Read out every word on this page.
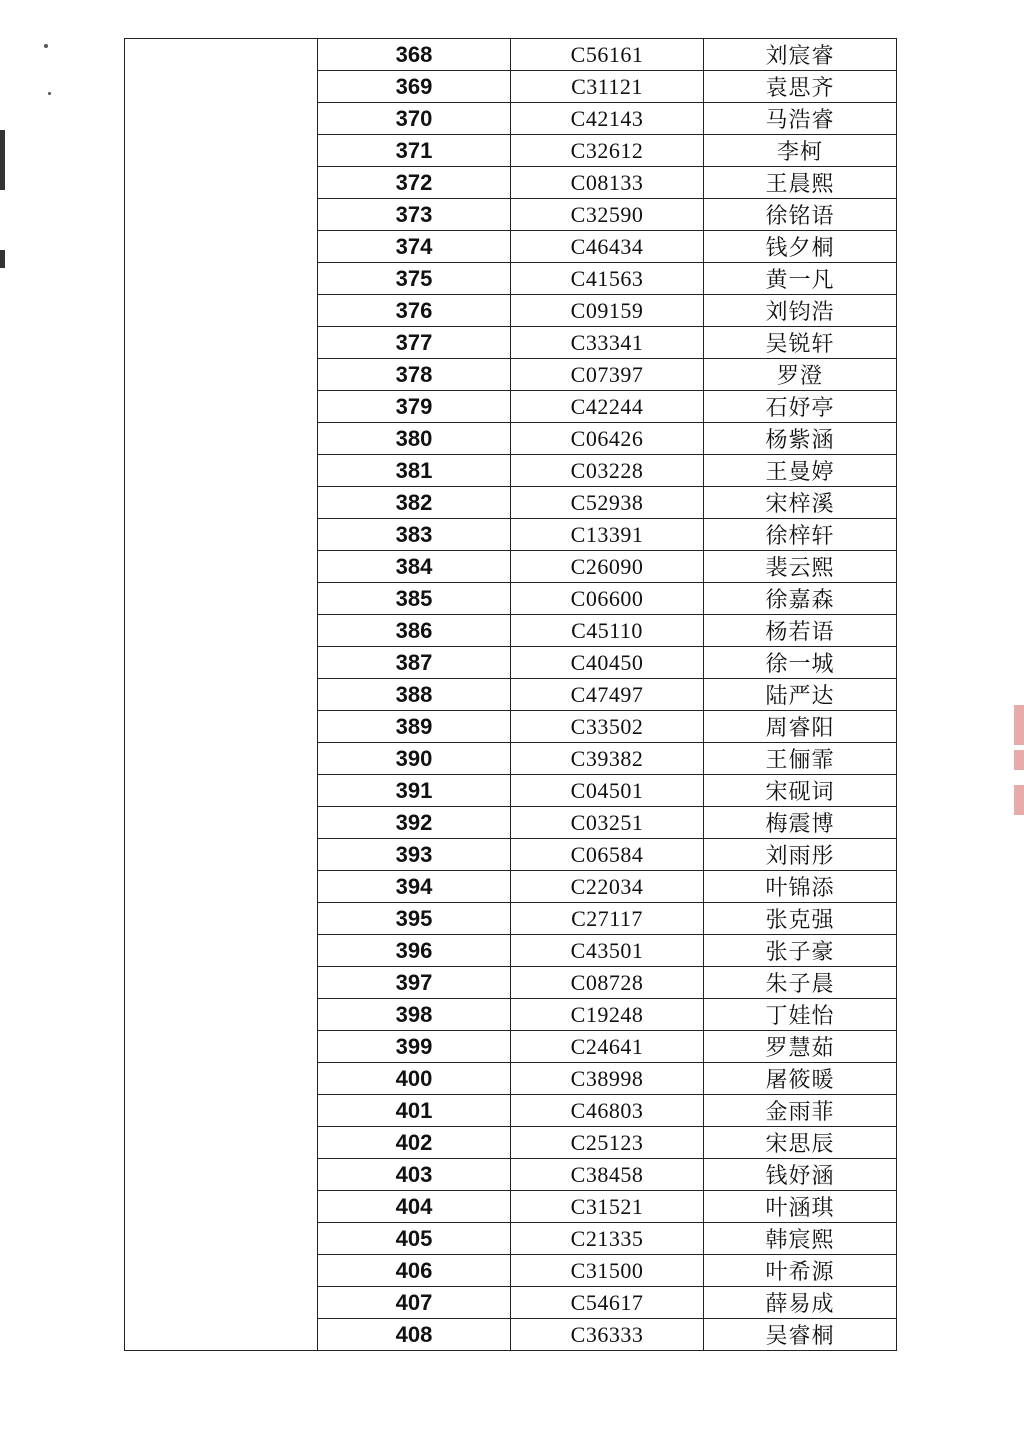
	368	C56161	刘宸睿
	369	C31121	袁思齐
	370	C42143	马浩睿
	371	C32612	李柯
	372	C08133	王晨熙
	373	C32590	徐铭语
	374	C46434	钱夕桐
	375	C41563	黄一凡
	376	C09159	刘钧浩
	377	C33341	吴锐轩
	378	C07397	罗澄
	379	C42244	石妤亭
	380	C06426	杨紫涵
	381	C03228	王曼婷
	382	C52938	宋梓溪
	383	C13391	徐梓轩
	384	C26090	裴云熙
	385	C06600	徐嘉森
	386	C45110	杨若语
	387	C40450	徐一城
	388	C47497	陆严达
	389	C33502	周睿阳
	390	C39382	王俪霏
	391	C04501	宋砚词
	392	C03251	梅震博
	393	C06584	刘雨彤
	394	C22034	叶锦添
	395	C27117	张克强
	396	C43501	张子豪
	397	C08728	朱子晨
	398	C19248	丁娃怡
	399	C24641	罗慧茹
	400	C38998	屠筱暖
	401	C46803	金雨菲
	402	C25123	宋思辰
	403	C38458	钱妤涵
	404	C31521	叶涵琪
	405	C21335	韩宸熙
	406	C31500	叶希源
	407	C54617	薛易成
	408	C36333	吴睿桐
